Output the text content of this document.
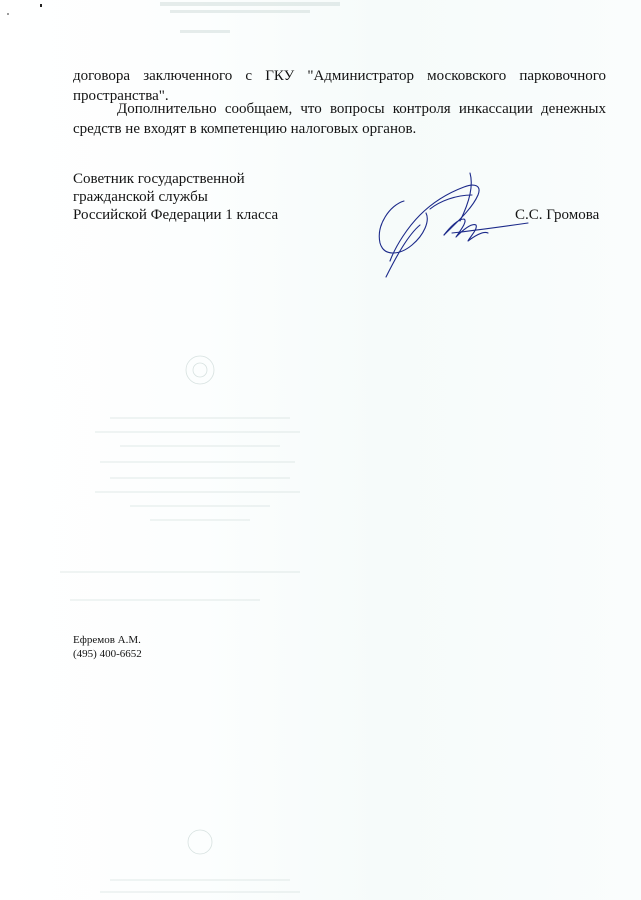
договора заключенного с ГКУ "Администратор московского парковочного пространства".

Дополнительно сообщаем, что вопросы контроля инкассации денежных средств не входят в компетенцию налоговых органов.

Советник государственной
гражданской службы
Российской Федерации 1 класса	С.С. Громова
Ефремов А.М.
(495) 400-6652
